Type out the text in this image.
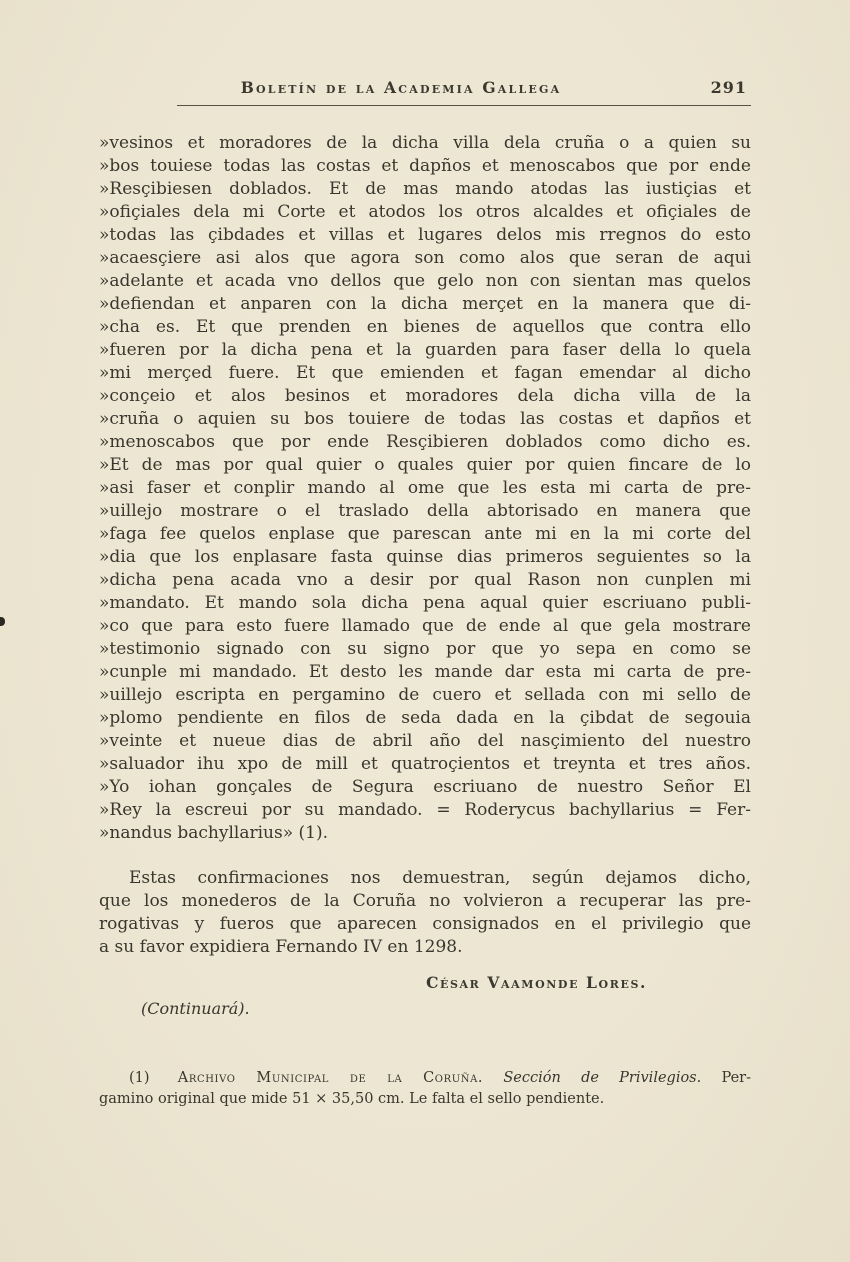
Boletín de la Academia Gallega	291
»vesinos et moradores de la dicha villa dela cruña o a quien su
»bos touiese todas las costas et dapños et menoscabos que por ende
»Resçibiesen doblados. Et de mas mando atodas las iustiçias et
»ofiçiales dela mi Corte et atodos los otros alcaldes et ofiçiales de
»todas las çibdades et villas et lugares delos mis rregnos do esto
»acaesçiere asi alos que agora son como alos que seran de aqui
»adelante et acada vno dellos que gelo non con sientan mas quelos
»defiendan et anparen con la dicha merçet en la manera que di-
»cha es. Et que prenden en bienes de aquellos que contra ello
»fueren por la dicha pena et la guarden para faser della lo quela
»mi merçed fuere. Et que emienden et fagan emendar al dicho
»conçeio et alos besinos et moradores dela dicha villa de la
»cruña o aquien su bos touiere de todas las costas et dapños et
»menoscabos que por ende Resçibieren doblados como dicho es.
»Et de mas por qual quier o quales quier por quien fincare de lo
»asi faser et conplir mando al ome que les esta mi carta de pre-
»uillejo mostrare o el traslado della abtorisado en manera que
»faga fee quelos enplase que parescan ante mi en la mi corte del
»dia que los enplasare fasta quinse dias primeros seguientes so la
»dicha pena acada vno a desir por qual Rason non cunplen mi
»mandato. Et mando sola dicha pena aqual quier escriuano publi-
»co que para esto fuere llamado que de ende al que gela mostrare
»testimonio signado con su signo por que yo sepa en como se
»cunple mi mandado. Et desto les mande dar esta mi carta de pre-
»uillejo escripta en pergamino de cuero et sellada con mi sello de
»plomo pendiente en filos de seda dada en la çibdat de segouia
»veinte et nueue dias de abril año del nasçimiento del nuestro
»saluador ihu xpo de mill et quatroçientos et treynta et tres años.
»Yo iohan gonçales de Segura escriuano de nuestro Señor El
»Rey la escreui por su mandado. = Roderycus bachyllarius = Fer-
»nandus bachyllarius» (1).
Estas confirmaciones nos demuestran, según dejamos dicho,
que los monederos de la Coruña no volvieron a recuperar las pre-
rogativas y fueros que aparecen consignados en el privilegio que
a su favor expidiera Fernando IV en 1298.
César Vaamonde Lores.
(Continuará).
(1) Archivo Municipal de la Coruña. Sección de Privilegios. Per-
gamino original que mide 51 × 35,50 cm. Le falta el sello pendiente.
